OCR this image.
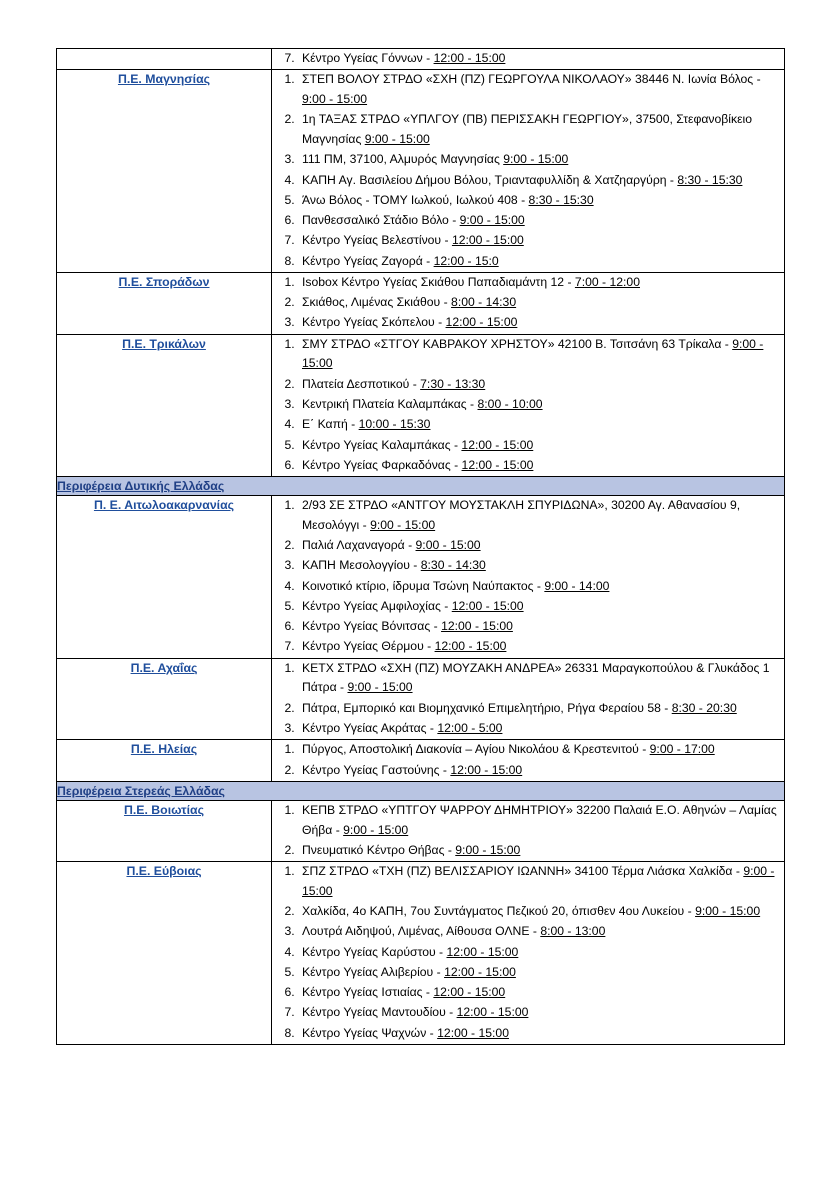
7. Κέντρο Υγείας Γόννων - 12:00 - 15:00

Π.Ε. Μαγνησίας	
1.ΣΤΕΠ ΒΟΛΟΥ ΣΤΡΔΟ «ΣΧΗ (ΠΖ) ΓΕΩΡΓΟΥΛΑ ΝΙΚΟΛΑΟΥ» 38446 Ν. Ιωνία Βόλος - 9:00 - 15:00
2. 1η ΤΑΞΑΣ ΣΤΡΔΟ «ΥΠΛΓΟΥ (ΠΒ) ΠΕΡΙΣΣΑΚΗ ΓΕΩΡΓΙΟΥ», 37500, Στεφανοβίκειο Μαγνησίας 9:00 - 15:00
3. 111 ΠΜ, 37100, Αλμυρός Μαγνησίας 9:00 - 15:00
4. ΚΑΠΗ Αγ. Βασιλείου Δήμου Βόλου, Τριανταφυλλίδη & Χατζηαργύρη - 8:30 - 15:30
5. Άνω Βόλος - ΤΟΜΥ Ιωλκού, Ιωλκού 408 - 8:30 - 15:30
6. Πανθεσσαλικό Στάδιο Βόλο - 9:00 - 15:00
7. Κέντρο Υγείας Βελεστίνου - 12:00 - 15:00
8. Κέντρο Υγείας Ζαγορά - 12:00 - 15:0

Π.Ε. Σποράδων	
1.Isobox Κέντρο Υγείας Σκιάθου Παπαδιαμάντη 12 - 7:00 - 12:00
2. Σκιάθος, Λιμένας Σκιάθου - 8:00 - 14:30
3. Κέντρο Υγείας Σκόπελου - 12:00 - 15:00

Π.Ε. Τρικάλων	
1.ΣΜΥ ΣΤΡΔΟ «ΣΤΓΟΥ ΚΑΒΡΑΚΟΥ ΧΡΗΣΤΟΥ» 42100 Β. Τσιτσάνη 63 Τρίκαλα - 9:00 - 15:00
2. Πλατεία Δεσποτικού - 7:30 - 13:30
3. Κεντρική Πλατεία Καλαμπάκας - 8:00 - 10:00
4. Ε΄ Καπή - 10:00 - 15:30
5. Κέντρο Υγείας Καλαμπάκας - 12:00 - 15:00
6. Κέντρο Υγείας Φαρκαδόνας - 12:00 - 15:00

Περιφέρεια Δυτικής Ελλάδας	
Π. Ε. Αιτωλοακαρνανίας	
1.2/93 ΣΕ ΣΤΡΔΟ «ΑΝΤΓΟΥ ΜΟΥΣΤΑΚΛΗ ΣΠΥΡΙΔΩΝΑ», 30200 Αγ. Αθανασίου 9, Μεσολόγγι - 9:00 - 15:00
2. Παλιά Λαχαναγορά - 9:00 - 15:00
3. ΚΑΠΗ Μεσολογγίου - 8:30 - 14:30
4. Κοινοτικό κτίριο, ίδρυμα Τσώνη Ναύπακτος - 9:00 - 14:00
5. Κέντρο Υγείας Αμφιλοχίας - 12:00 - 15:00
6. Κέντρο Υγείας Βόνιτσας - 12:00 - 15:00
7. Κέντρο Υγείας Θέρμου - 12:00 - 15:00

Π.Ε. Αχαΐας	
1.ΚΕΤΧ ΣΤΡΔΟ «ΣΧΗ (ΠΖ) ΜΟΥΖΑΚΗ ΑΝΔΡΕΑ» 26331 Μαραγκοπούλου & Γλυκάδος 1 Πάτρα - 9:00 - 15:00
2. Πάτρα, Εμπορικό και Βιομηχανικό Επιμελητήριο, Ρήγα Φεραίου 58 - 8:30 - 20:30
3. Κέντρο Υγείας Ακράτας - 12:00 - 5:00

Π.Ε. Ηλείας	
1.Πύργος, Αποστολική Διακονία – Αγίου Νικολάου & Κρεστενιτού - 9:00 - 17:00
2. Κέντρο Υγείας Γαστούνης - 12:00 - 15:00

Περιφέρεια Στερεάς Ελλάδας	
Π.Ε. Βοιωτίας	
1.ΚΕΠΒ ΣΤΡΔΟ «ΥΠΤΓΟΥ ΨΑΡΡΟΥ ΔΗΜΗΤΡΙΟΥ» 32200 Παλαιά Ε.Ο. Αθηνών – Λαμίας Θήβα - 9:00 - 15:00
2. Πνευματικό Κέντρο Θήβας - 9:00 - 15:00

Π.Ε. Εύβοιας	
1.ΣΠΖ ΣΤΡΔΟ «ΤΧΗ (ΠΖ) ΒΕΛΙΣΣΑΡΙΟΥ ΙΩΑΝΝΗ» 34100 Τέρμα Λιάσκα Χαλκίδα - 9:00 - 15:00
2. Χαλκίδα, 4ο ΚΑΠΗ, 7ου Συντάγματος Πεζικού 20, όπισθεν 4ου Λυκείου - 9:00 - 15:00
3. Λουτρά Αιδηψού, Λιμένας, Αίθουσα ΟΛΝΕ - 8:00 - 13:00
4. Κέντρο Υγείας Καρύστου - 12:00 - 15:00
5. Κέντρο Υγείας Αλιβερίου - 12:00 - 15:00
6. Κέντρο Υγείας Ιστιαίας - 12:00 - 15:00
7. Κέντρο Υγείας Μαντουδίου - 12:00 - 15:00
8. Κέντρο Υγείας Ψαχνών - 12:00 - 15:00
